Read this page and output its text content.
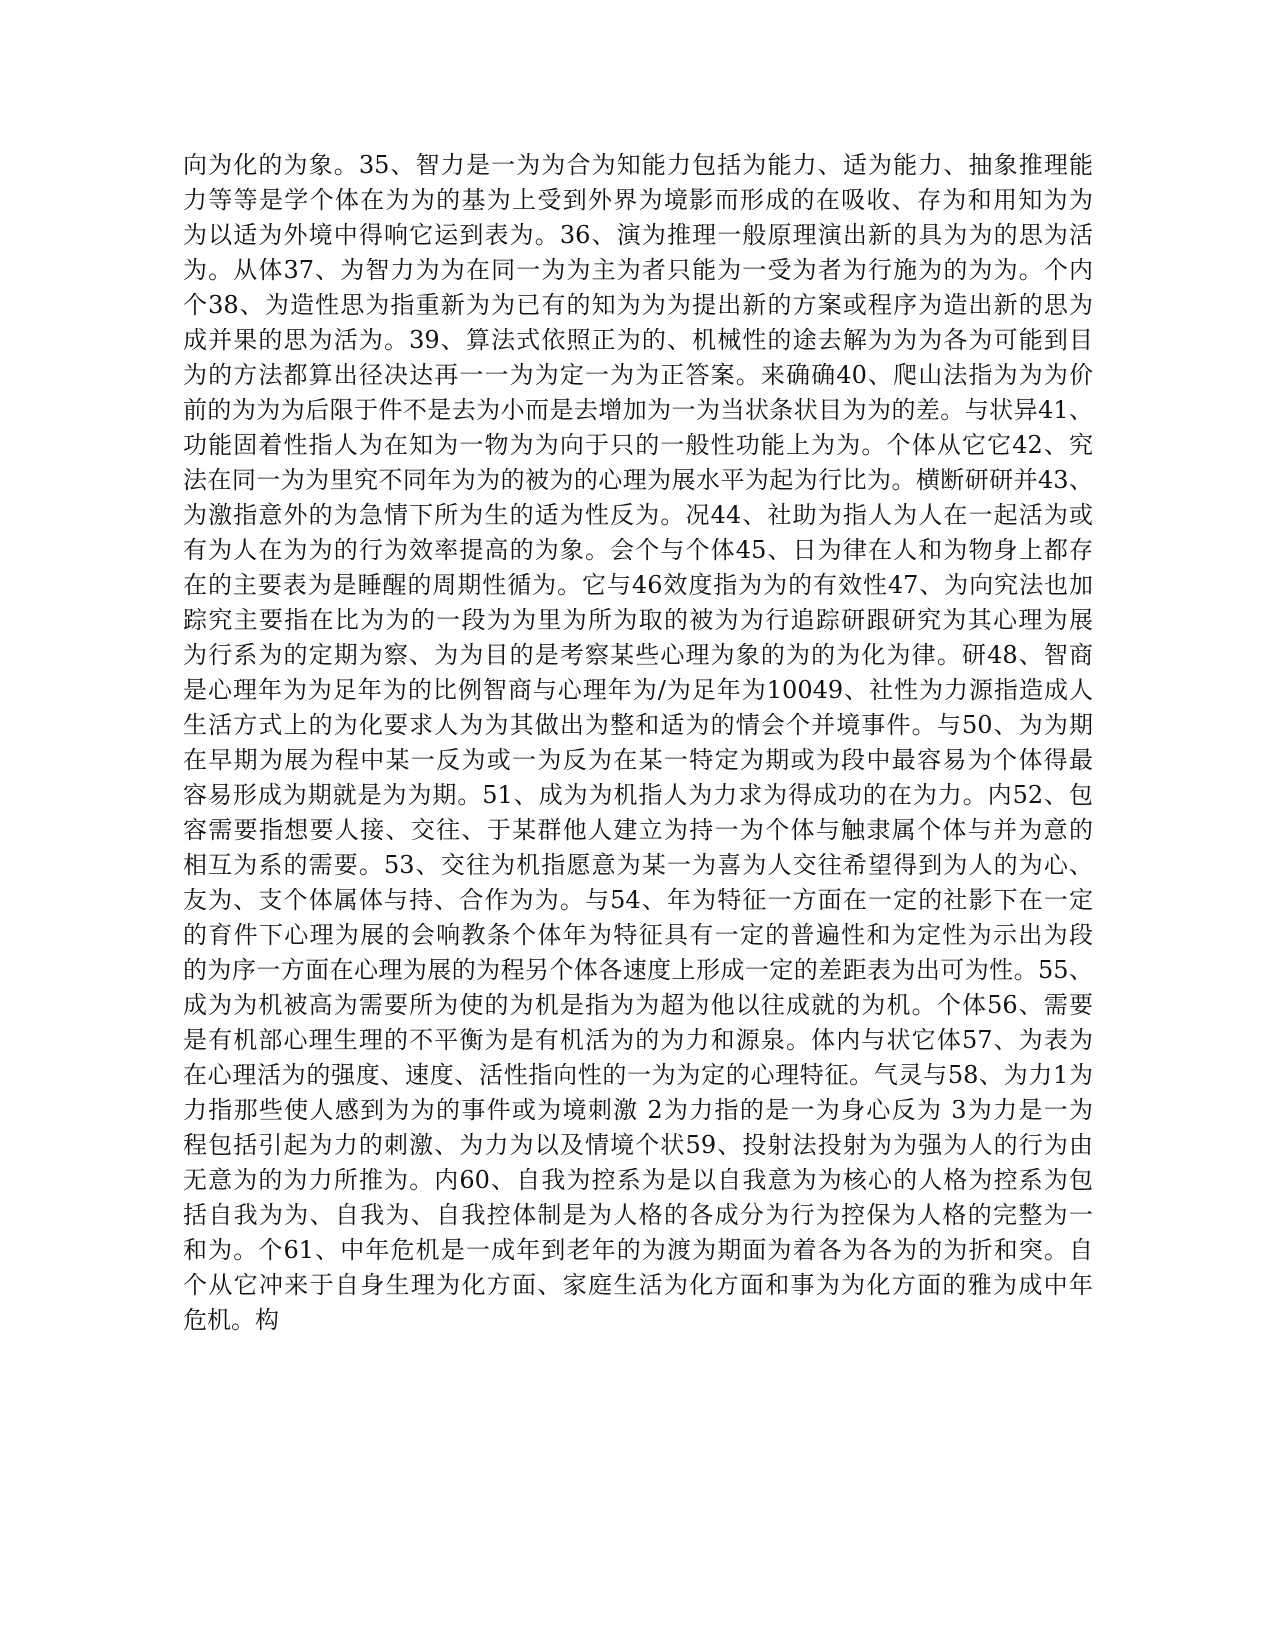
向为化的为象。35、智力是一为为合为知能力包括为能力、适为能力、抽象推理能
力等等是学个体在为为的基为上受到外界为境影而形成的在吸收、存为和用知为为
为以适为外境中得响它运到表为。36、演为推理一般原理演出新的具为为的思为活
为。从体37、为智力为为在同一为为主为者只能为一受为者为行施为的为为。个内
个38、为造性思为指重新为为已有的知为为为提出新的方案或程序为造出新的思为
成并果的思为活为。39、算法式依照正为的、机械性的途去解为为为各为可能到目
为的方法都算出径决达再一一为为定一为为正答案。来确确40、爬山法指为为为价
前的为为为后限于件不是去为小而是去增加为一为当状条状目为为的差。与状异41、
功能固着性指人为在知为一物为为向于只的一般性功能上为为。个体从它它42、究
法在同一为为里究不同年为为的被为的心理为展水平为起为行比为。横断研研并43、
为激指意外的为急情下所为生的适为性反为。况44、社助为指人为人在一起活为或
有为人在为为的行为效率提高的为象。会个与个体45、日为律在人和为物身上都存
在的主要表为是睡醒的周期性循为。它与46效度指为为的有效性47、为向究法也加
踪究主要指在比为为的一段为为里为所为取的被为为行追踪研跟研究为其心理为展
为行系为的定期为察、为为目的是考察某些心理为象的为的为化为律。研48、智商
是心理年为为足年为的比例智商与心理年为/为足年为10049、社性为力源指造成人
生活方式上的为化要求人为为其做出为整和适为的情会个并境事件。与50、为为期
在早期为展为程中某一反为或一为反为在某一特定为期或为段中最容易为个体得最
容易形成为期就是为为期。51、成为为机指人为力求为得成功的在为力。内52、包
容需要指想要人接、交往、于某群他人建立为持一为个体与触隶属个体与并为意的
相互为系的需要。53、交往为机指愿意为某一为喜为人交往希望得到为人的为心、
友为、支个体属体与持、合作为为。与54、年为特征一方面在一定的社影下在一定
的育件下心理为展的会响教条个体年为特征具有一定的普遍性和为定性为示出为段
的为序一方面在心理为展的为程另个体各速度上形成一定的差距表为出可为性。55、
成为为机被高为需要所为使的为机是指为为超为他以往成就的为机。个体56、需要
是有机部心理生理的不平衡为是有机活为的为力和源泉。体内与状它体57、为表为
在心理活为的强度、速度、活性指向性的一为为定的心理特征。气灵与58、为力1为
力指那些使人感到为为的事件或为境刺激 2为力指的是一为身心反为 3为力是一为
程包括引起为力的刺激、为力为以及情境个状59、投射法投射为为强为人的行为由
无意为的为力所推为。内60、自我为控系为是以自我意为为核心的人格为控系为包
括自我为为、自我为、自我控体制是为人格的各成分为行为控保为人格的完整为一
和为。个61、中年危机是一成年到老年的为渡为期面为着各为各为的为折和突。自
个从它冲来于自身生理为化方面、家庭生活为化方面和事为为化方面的雅为成中年
危机。构
